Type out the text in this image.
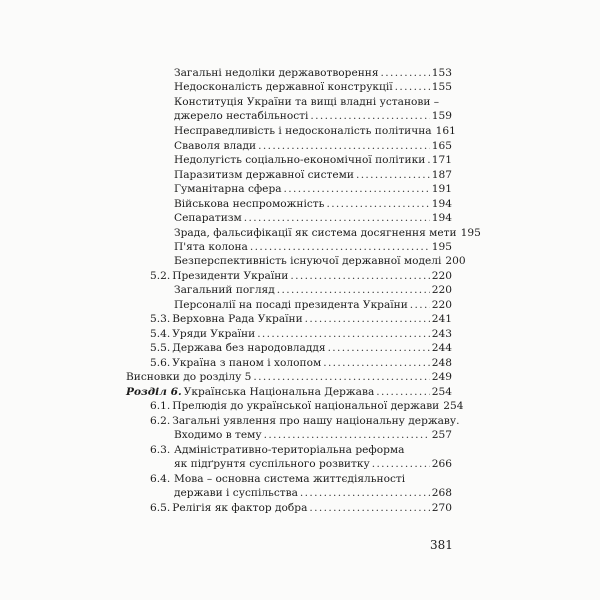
Загальні недоліки державотворення . . .	153
Недосконалість державної конструкції . . .	155
Конституція України та вищі владні установи –
джерело нестабільності . . .	159
Несправедливість і недосконалість політична 161
Сваволя влади . . .	165
Недолугість соціально-економічної політики . . . 171
Паразитизм державної системи . . .	187
Гуманітарна сфера . . .	191
Військова неспроможність . . .	194
Сепаратизм . . .	194
Зрада, фальсифікації як система досягнення мети 195
П'ята колона . . .	195
Безперспективність існуючої державної моделі 200
5.2. Президенти України . . .	220
Загальний погляд . . .	220
Персоналії на посаді президента України . . . 220
5.3. Верховна Рада України . . .	241
5.4. Уряди України . . .	243
5.5. Держава без народовладдя . . .	244
5.6. Україна з паном і холопом . . .	248
Висновки до розділу 5 . . .	249
Розділ 6. Українська Національна Держава . . .	254
6.1. Прелюдія до української національної держави 254
6.2. Загальні уявлення про нашу національну державу.
Входимо в тему . . .	257
6.3. Адміністративно-територіальна реформа
як підґрунтя суспільного розвитку . . .	266
6.4. Мова – основна система життєдіяльності
держави і суспільства . . .	268
6.5. Релігія як фактор добра . . .	270
381
